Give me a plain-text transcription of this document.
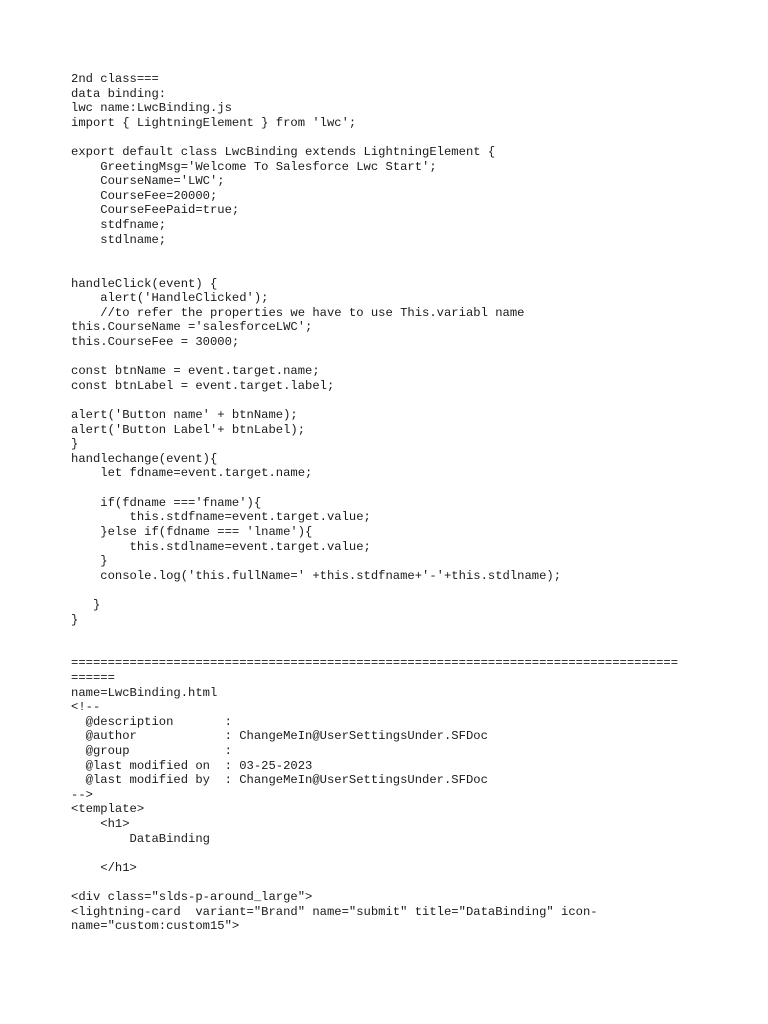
2nd class===
data binding:
lwc name:LwcBinding.js
import { LightningElement } from 'lwc';
export default class LwcBinding extends LightningElement {
GreetingMsg='Welcome To Salesforce Lwc Start';
CourseName='LWC';
CourseFee=20000;
CourseFeePaid=true;
stdfname;
stdlname;
handleClick(event) {
alert('HandleClicked');
//to refer the properties we have to use This.variabl name
this.CourseName ='salesforceLWC';
this.CourseFee = 30000;
const btnName = event.target.name;
const btnLabel = event.target.label;
alert('Button name' + btnName);
alert('Button Label'+ btnLabel);
}
handlechange(event){
let fdname=event.target.name;
if(fdname ==='fname'){
this.stdfname=event.target.value;
}else if(fdname === 'lname'){
this.stdlname=event.target.value;
}
console.log('this.fullName=' +this.stdfname+'-'+this.stdlname);
}
}
===================================================================================
======
name=LwcBinding.html
<!--
@description       :
@author            : ChangeMeIn@UserSettingsUnder.SFDoc
@group             :
@last modified on  : 03-25-2023
@last modified by  : ChangeMeIn@UserSettingsUnder.SFDoc
-->
<template>
<h1>
DataBinding
</h1>
<div class="slds-p-around_large">
<lightning-card  variant="Brand" name="submit" title="DataBinding" icon-
name="custom:custom15">
